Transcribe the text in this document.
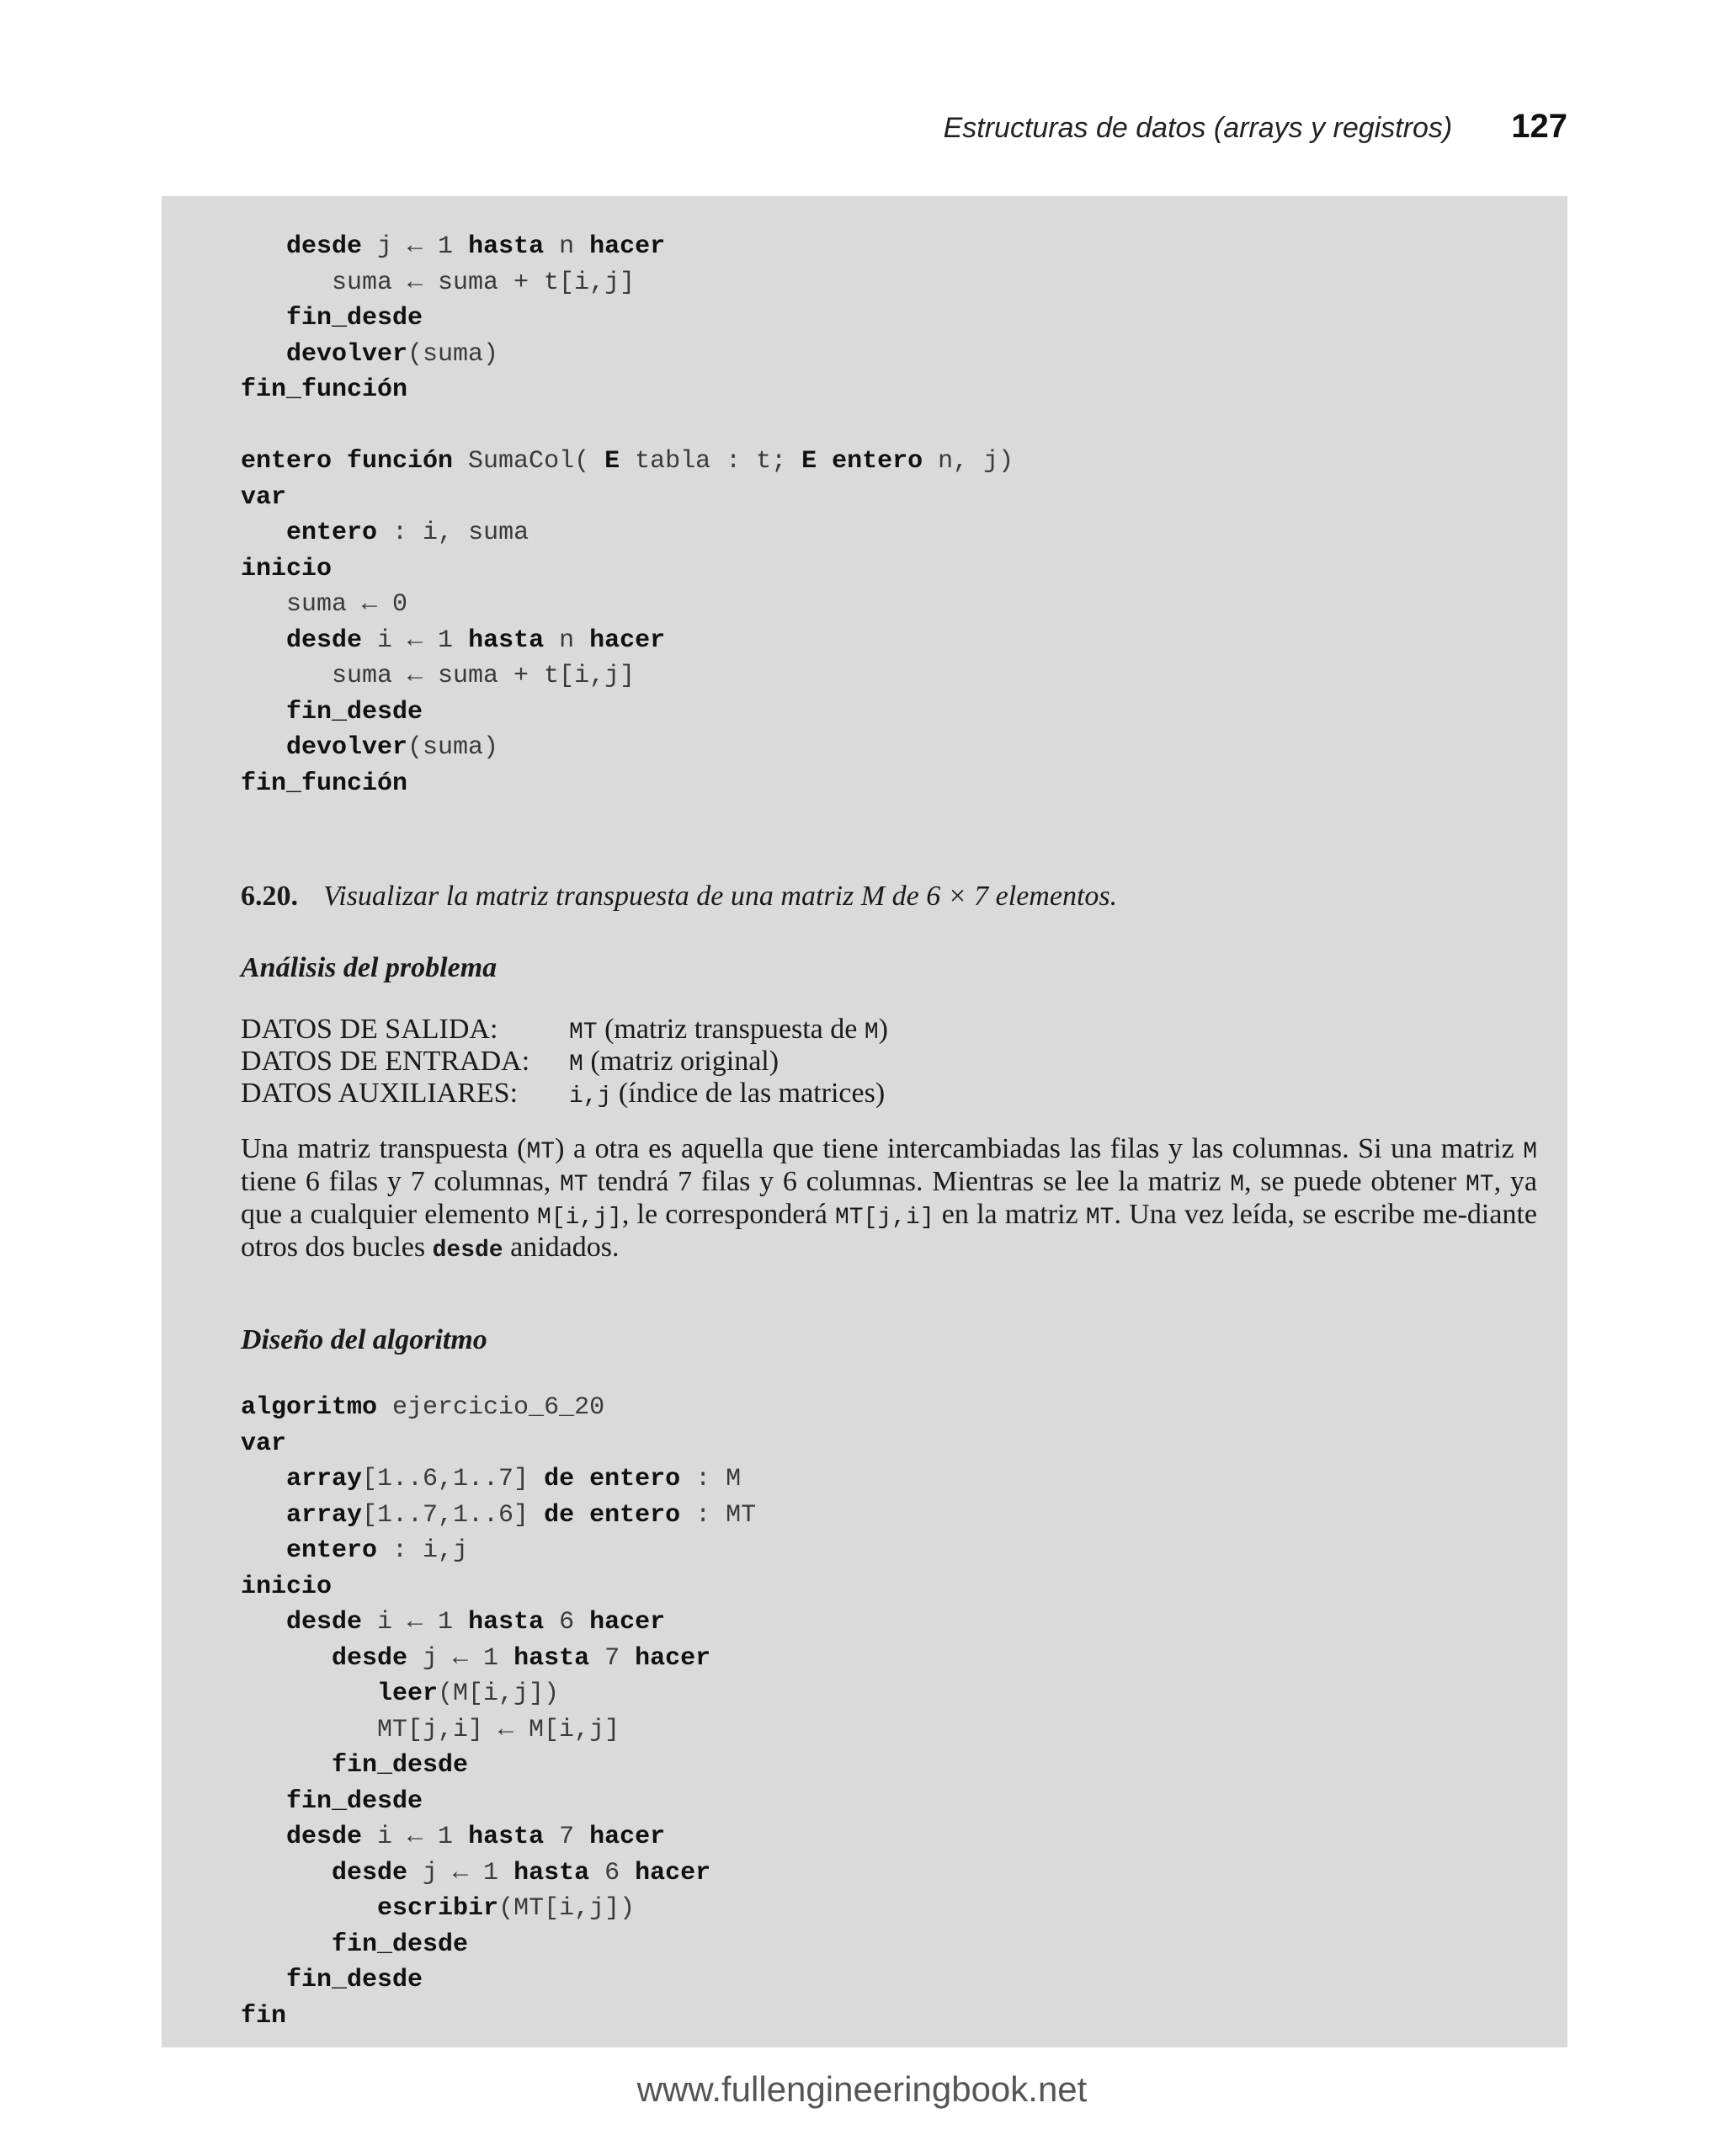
Estructuras de datos (arrays y registros) 127
desde j ← 1 hasta n hacer
suma ← suma + t[i,j]
fin_desde
devolver(suma)
fin_función

entero función SumaCol( E tabla : t; E entero n, j)
var
entero : i, suma
inicio
suma ← 0
desde i ← 1 hasta n hacer
suma ← suma + t[i,j]
fin_desde
devolver(suma)
fin_función
6.20. Visualizar la matriz transpuesta de una matriz M de 6 × 7 elementos.
Análisis del problema
DATOS DE SALIDA:	MT (matriz transpuesta de M)
DATOS DE ENTRADA:	M (matriz original)
DATOS AUXILIARES:	i,j (índice de las matrices)
Una matriz transpuesta (MT) a otra es aquella que tiene intercambiadas las filas y las columnas. Si una matriz M tiene 6 filas y 7 columnas, MT tendrá 7 filas y 6 columnas. Mientras se lee la matriz M, se puede obtener MT, ya que a cualquier elemento M[i,j], le corresponderá MT[j,i] en la matriz MT. Una vez leída, se escribe me-diante otros dos bucles desde anidados.
Diseño del algoritmo
algoritmo ejercicio_6_20
var
array[1..6,1..7] de entero : M
array[1..7,1..6] de entero : MT
entero : i,j
inicio
desde i ← 1 hasta 6 hacer
desde j ← 1 hasta 7 hacer
leer(M[i,j])
MT[j,i] ← M[i,j]
fin_desde
fin_desde
desde i ← 1 hasta 7 hacer
desde j ← 1 hasta 6 hacer
escribir(MT[i,j])
fin_desde
fin_desde
fin
www.fullengineeringbook.net
